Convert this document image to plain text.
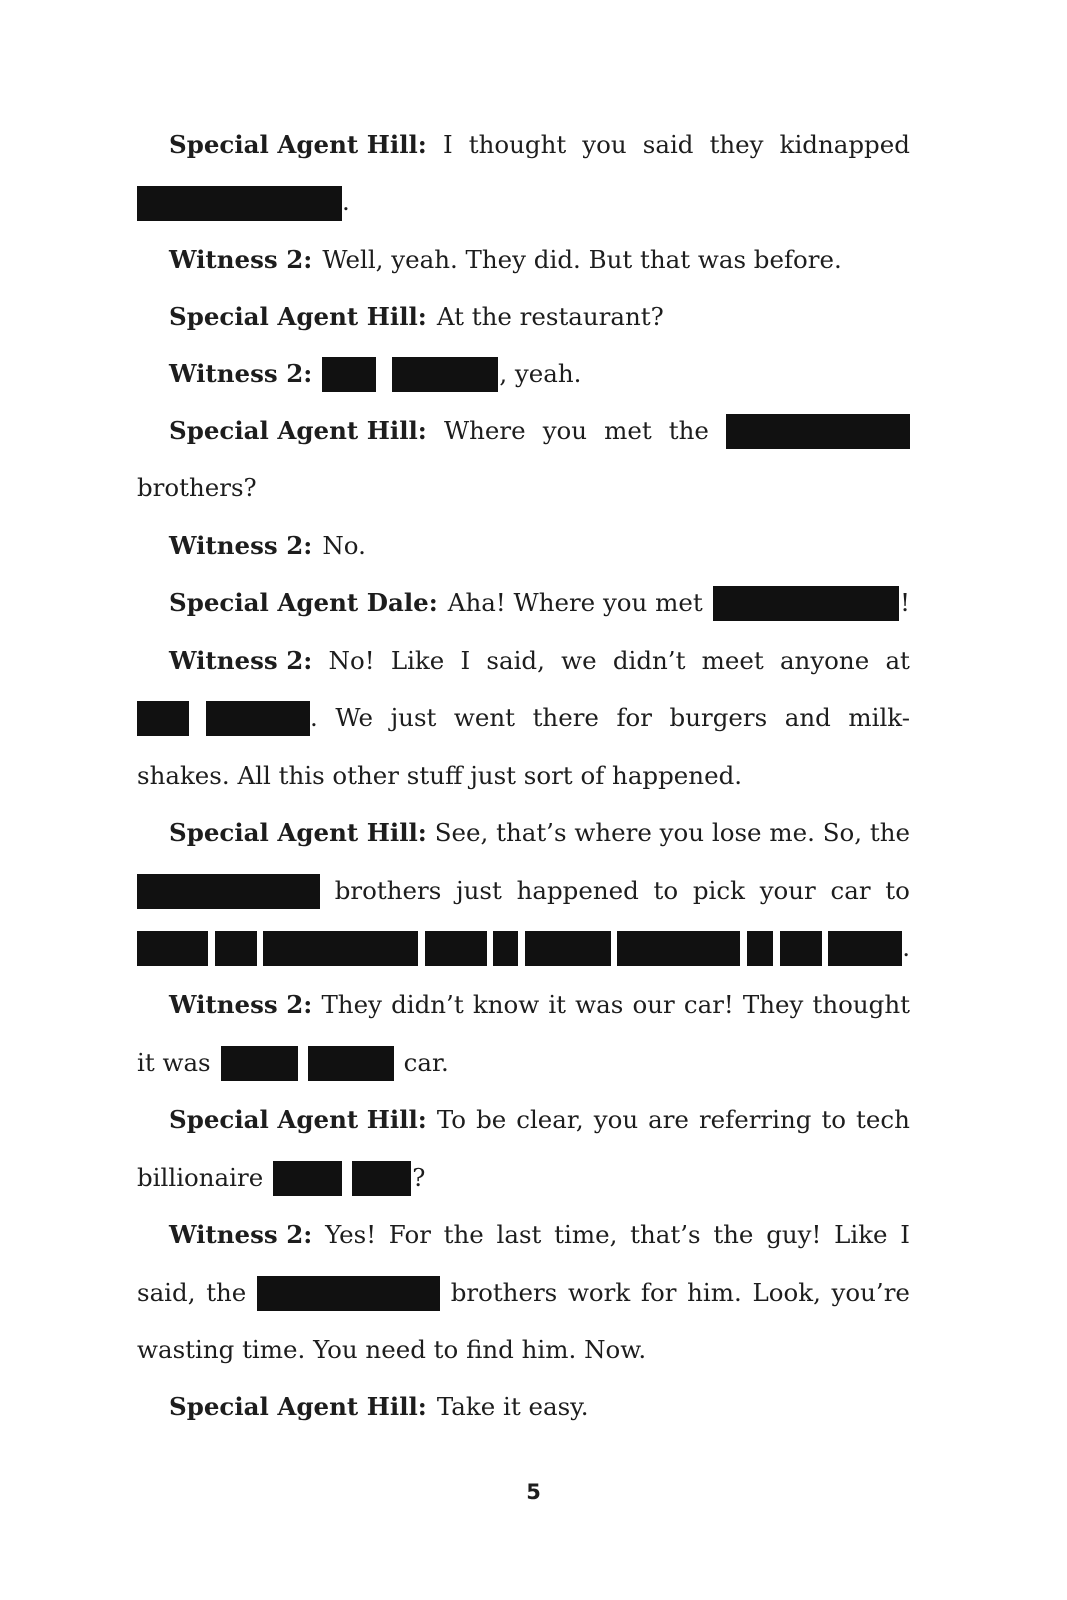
Special Agent Hill: I thought you said they kidnapped
.
Witness 2: Well, yeah. They did. But that was before.
Special Agent Hill: At the restaurant?
Witness 2:	, yeah.
Special Agent Hill: Where you met the
brothers?
Witness 2: No.
Special Agent Dale: Aha! Where you met	!
Witness 2: No! Like I said, we didn’t meet anyone at
. We just went there for burgers and milk-
shakes. All this other stuff just sort of happened.
Special Agent Hill: See, that’s where you lose me. So, the
brothers just happened to pick your car to
.
Witness 2: They didn’t know it was our car! They thought
it was	car.
Special Agent Hill: To be clear, you are referring to tech
billionaire	?
Witness 2: Yes! For the last time, that’s the guy! Like I
said, the	brothers work for him. Look, you’re
wasting time. You need to find him. Now.
Special Agent Hill: Take it easy.
5
